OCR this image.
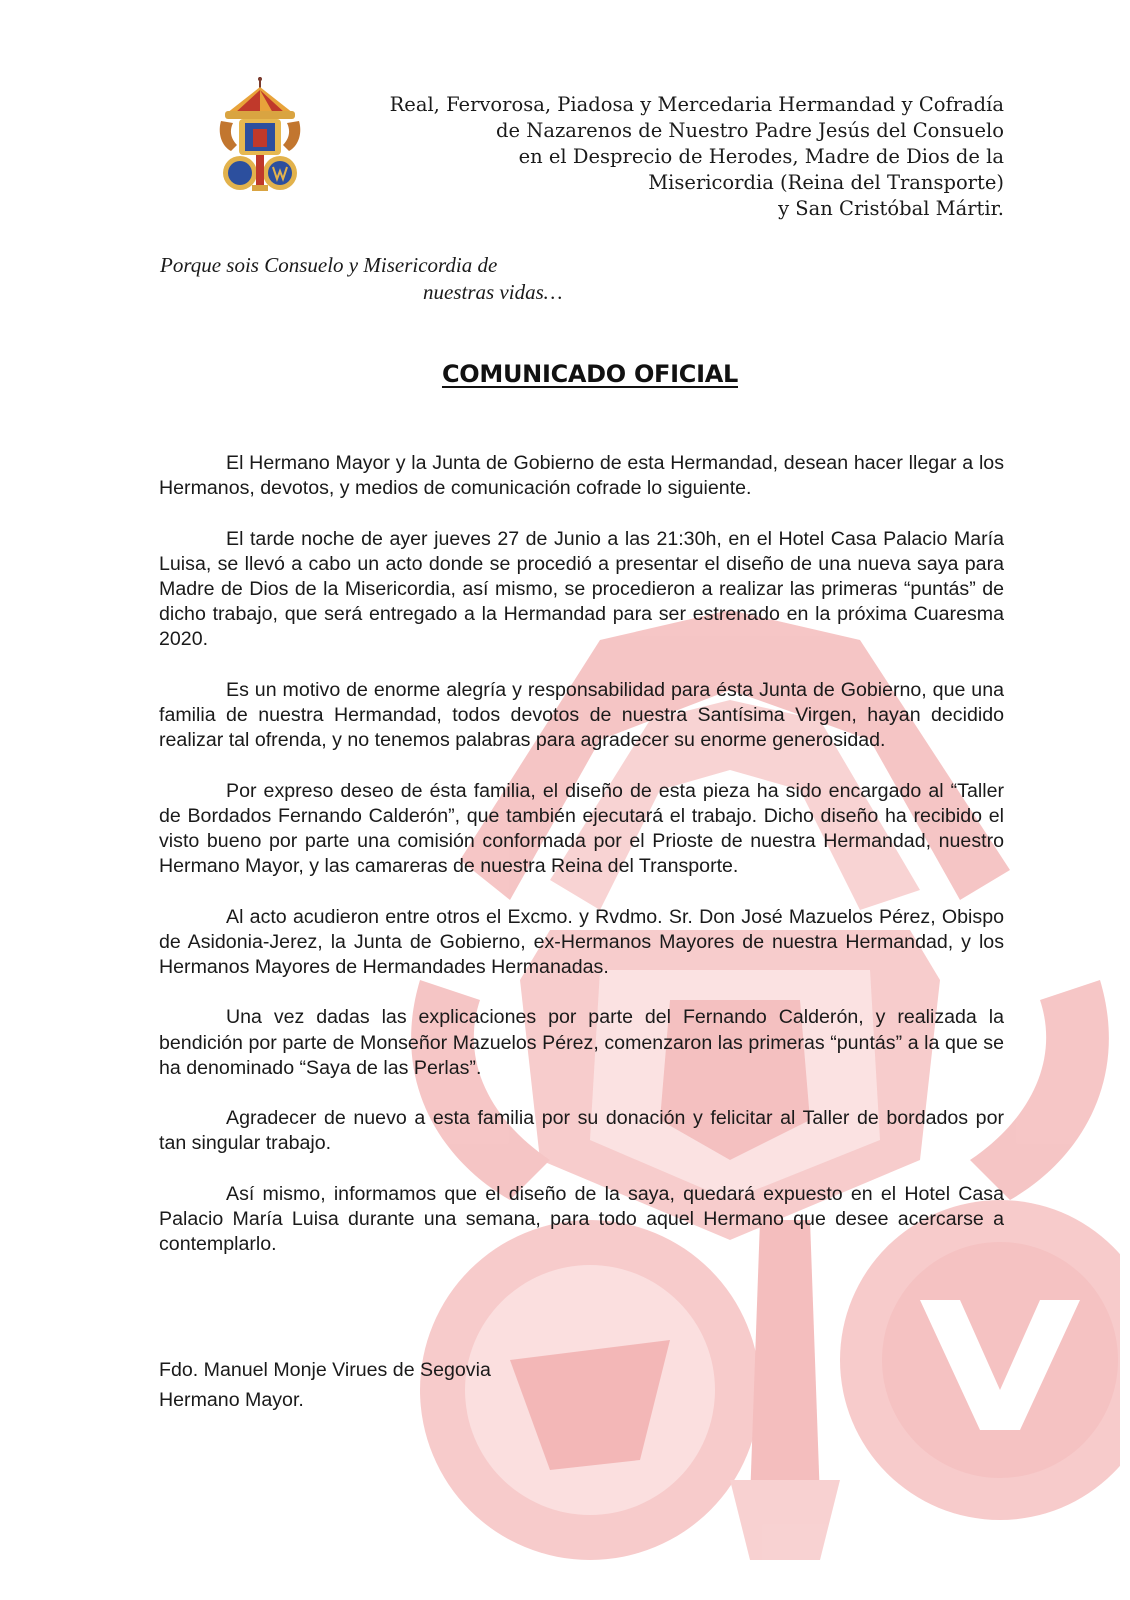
Real, Fervorosa, Piadosa y Mercedaria Hermandad y Cofradía
de Nazarenos de Nuestro Padre Jesús del Consuelo
en el Desprecio de Herodes, Madre de Dios de la
Misericordia (Reina del Transporte)
y San Cristóbal Mártir.
Porque sois Consuelo y Misericordia de
nuestras vidas…
COMUNICADO OFICIAL

El Hermano Mayor y la Junta de Gobierno de esta Hermandad, desean hacer llegar a los Hermanos, devotos, y medios de comunicación cofrade lo siguiente.

El tarde noche de ayer jueves 27 de Junio a las 21:30h, en el Hotel Casa Palacio María Luisa, se llevó a cabo un acto donde se procedió a presentar el diseño de una nueva saya para Madre de Dios de la Misericordia, así mismo, se procedieron a realizar las primeras “puntás” de dicho trabajo, que será entregado a la Hermandad para ser estrenado en la próxima Cuaresma 2020.

Es un motivo de enorme alegría y responsabilidad para ésta Junta de Gobierno, que una familia de nuestra Hermandad, todos devotos de nuestra Santísima Virgen, hayan decidido realizar tal ofrenda, y no tenemos palabras para agradecer su enorme generosidad.

Por expreso deseo de ésta familia, el diseño de esta pieza ha sido encargado al “Taller de Bordados Fernando Calderón”, que también ejecutará el trabajo. Dicho diseño ha recibido el visto bueno por parte una comisión conformada por el Prioste de nuestra Hermandad, nuestro Hermano Mayor, y las camareras de nuestra Reina del Transporte.

Al acto acudieron entre otros el Excmo. y Rvdmo. Sr. Don José Mazuelos Pérez, Obispo de Asidonia-Jerez, la Junta de Gobierno, ex-Hermanos Mayores de nuestra Hermandad, y los Hermanos Mayores de Hermandades Hermanadas.

Una vez dadas las explicaciones por parte del Fernando Calderón, y realizada la bendición por parte de Monseñor Mazuelos Pérez, comenzaron las primeras “puntás” a la que se ha denominado “Saya de las Perlas”.

Agradecer de nuevo a esta familia por su donación y felicitar al Taller de bordados por tan singular trabajo.

Así mismo, informamos que el diseño de la saya, quedará expuesto en el Hotel Casa Palacio María Luisa durante una semana, para todo aquel Hermano que desee acercarse a contemplarlo.

Fdo. Manuel Monje Virues de Segovia
Hermano Mayor.
